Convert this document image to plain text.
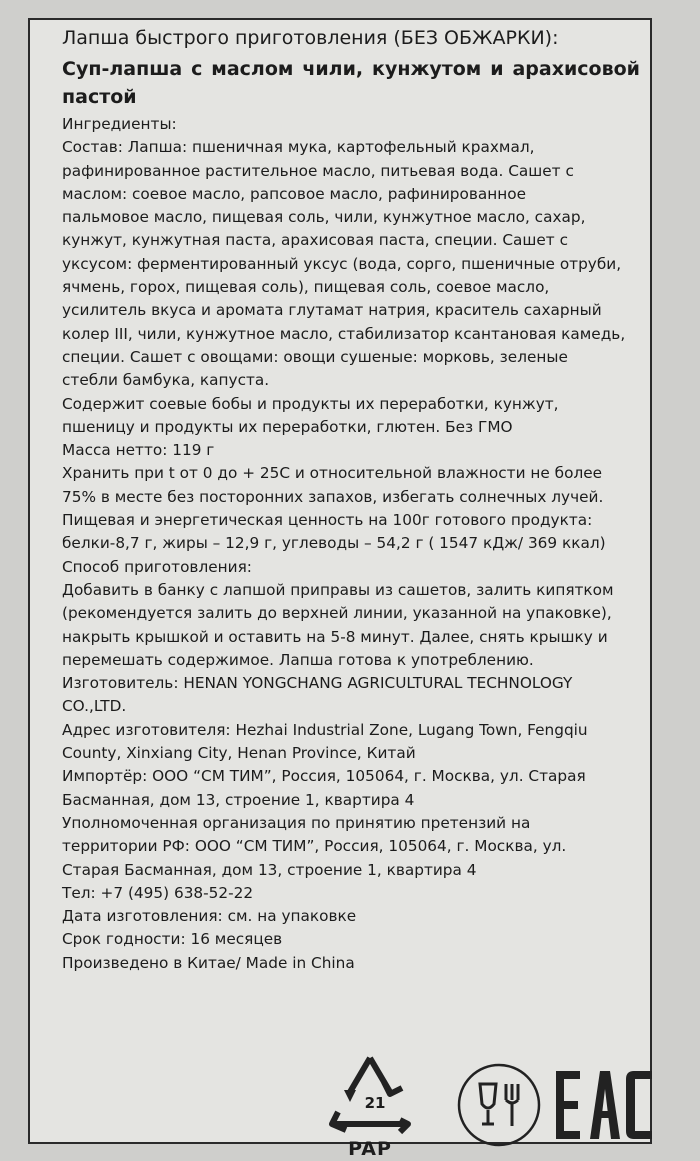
Лапша быстрого приготовления (БЕЗ ОБЖАРКИ):

Суп-лапша с маслом чили, кунжутом и арахисовой пастой

Ингредиенты:

Состав: Лапша: пшеничная мука, картофельный крахмал,

рафинированное растительное масло, питьевая вода. Сашет с

маслом: соевое масло, рапсовое масло, рафинированное

пальмовое масло, пищевая соль, чили, кунжутное масло, сахар,

кунжут, кунжутная паста, арахисовая паста, специи. Сашет с

уксусом: ферментированный уксус (вода, сорго, пшеничные отруби,

ячмень, горох, пищевая соль), пищевая соль, соевое масло,

усилитель вкуса и аромата глутамат натрия, краситель сахарный

колер III, чили, кунжутное масло, стабилизатор ксантановая камедь,

специи. Сашет с овощами: овощи сушеные: морковь, зеленые

стебли бамбука, капуста.

Содержит соевые бобы и продукты их переработки, кунжут,

пшеницу и продукты их переработки, глютен. Без ГМО

Масса нетто: 119 г

Хранить при t от 0 до + 25С и относительной влажности не более

75% в месте без посторонних запахов, избегать солнечных лучей.

Пищевая и энергетическая ценность на 100г готового продукта:

белки-8,7 г, жиры – 12,9 г, углеводы – 54,2 г ( 1547 кДж/ 369 ккал)

Способ приготовления:

Добавить в банку с лапшой приправы из сашетов, залить кипятком

(рекомендуется залить до верхней линии, указанной на упаковке),

накрыть крышкой и оставить на 5-8 минут. Далее, снять крышку и

перемешать содержимое. Лапша готова к употреблению.

Изготовитель: HENAN YONGCHANG AGRICULTURAL TECHNOLOGY

CO.,LTD.

Адрес изготовителя: Hezhai Industrial Zone, Lugang Town, Fengqiu

County, Xinxiang City, Henan Province, Китай

Импортёр: ООО “СМ ТИМ”, Россия, 105064, г. Москва, ул. Старая

Басманная, дом 13, строение 1, квартира 4

Уполномоченная организация по принятию претензий на

территории РФ: ООО “СМ ТИМ”, Россия, 105064, г. Москва, ул.

Старая Басманная, дом 13, строение 1, квартира 4

Тел: +7 (495) 638-52-22

Дата изготовления: см. на упаковке

Срок годности: 16 месяцев

Произведено в Китае/ Made in China

21
PAP
